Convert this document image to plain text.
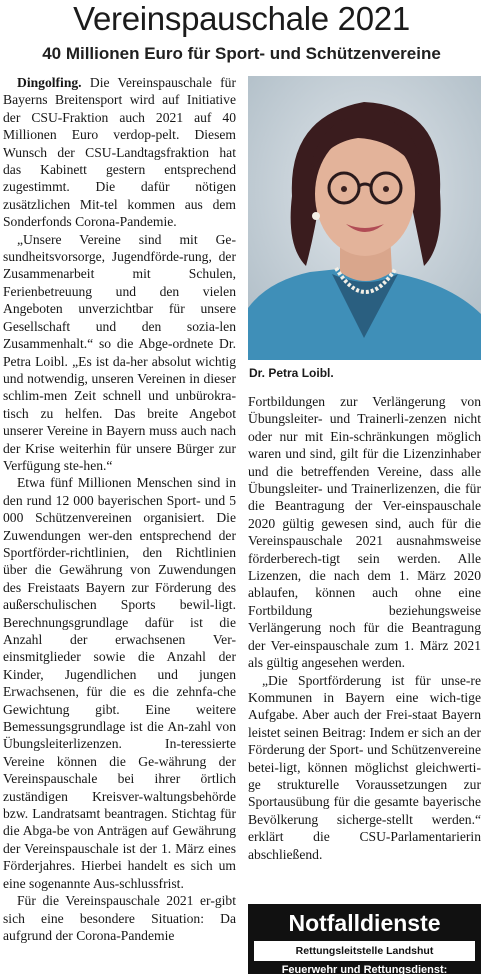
Vereinspauschale 2021
40 Millionen Euro für Sport- und Schützenvereine

Dingolfing. Die Vereinspauschale für Bayerns Breitensport wird auf Initiative der CSU-Fraktion auch 2021 auf 40 Millionen Euro verdop-pelt. Diesem Wunsch der CSU-Landtagsfraktion hat das Kabinett gestern entsprechend zugestimmt. Die dafür nötigen zusätzlichen Mit-tel kommen aus dem Sonderfonds Corona-Pandemie.

„Unsere Vereine sind mit Ge-sundheitsvorsorge, Jugendförde-rung, der Zusammenarbeit mit Schulen, Ferienbetreuung und den vielen Angeboten unverzichtbar für unsere Gesellschaft und den sozia-len Zusammenhalt.“ so die Abge-ordnete Dr. Petra Loibl. „Es ist da-her absolut wichtig und notwendig, unseren Vereinen in dieser schlim-men Zeit schnell und unbürokra-tisch zu helfen. Das breite Angebot unserer Vereine in Bayern muss auch nach der Krise weiterhin für unsere Bürger zur Verfügung ste-hen.“

Etwa fünf Millionen Menschen sind in den rund 12 000 bayerischen Sport- und 5 000 Schützenvereinen organisiert. Die Zuwendungen wer-den entsprechend der Sportförder-richtlinien, den Richtlinien über die Gewährung von Zuwendungen des Freistaats Bayern zur Förderung des außerschulischen Sports bewil-ligt. Berechnungsgrundlage dafür ist die Anzahl der erwachsenen Ver-einsmitglieder sowie die Anzahl der Kinder, Jugendlichen und jungen Erwachsenen, für die es die zehnfa-che Gewichtung gibt. Eine weitere Bemessungsgrundlage ist die An-zahl von Übungsleiterlizenzen. In-teressierte Vereine können die Ge-währung der Vereinspauschale bei ihrer örtlich zuständigen Kreisver-waltungsbehörde bzw. Landratsamt beantragen. Stichtag für die Abga-be von Anträgen auf Gewährung der Vereinspauschale ist der 1. März eines Förderjahres. Hierbei handelt es sich um eine sogenannte Aus-schlussfrist.

Für die Vereinspauschale 2021 er-gibt sich eine besondere Situation: Da aufgrund der Corona-Pandemie

Dr. Petra Loibl.

Fortbildungen zur Verlängerung von Übungsleiter- und Trainerli-zenzen nicht oder nur mit Ein-schränkungen möglich waren und sind, gilt für die Lizenzinhaber und die betreffenden Vereine, dass alle Übungsleiter- und Trainerlizenzen, die für die Beantragung der Ver-einspauschale 2020 gültig gewesen sind, auch für die Vereinspauschale 2021 ausnahmsweise förderberech-tigt sein werden. Alle Lizenzen, die nach dem 1. März 2020 ablaufen, können auch ohne eine Fortbildung beziehungsweise Verlängerung noch für die Beantragung der Ver-einspauschale zum 1. März 2021 als gültig angesehen werden.

„Die Sportförderung ist für unse-re Kommunen in Bayern eine wich-tige Aufgabe. Aber auch der Frei-staat Bayern leistet seinen Beitrag: Indem er sich an der Förderung der Sport- und Schützenvereine betei-ligt, können möglichst gleichwerti-ge strukturelle Voraussetzungen zur Sportausübung für die gesamte bayerische Bevölkerung sicherge-stellt werden.“ erklärt die CSU-Parlamentarierin abschließend.

Notfalldienste
Rettungsleitstelle Landshut
Feuerwehr und Rettungsdienst:
